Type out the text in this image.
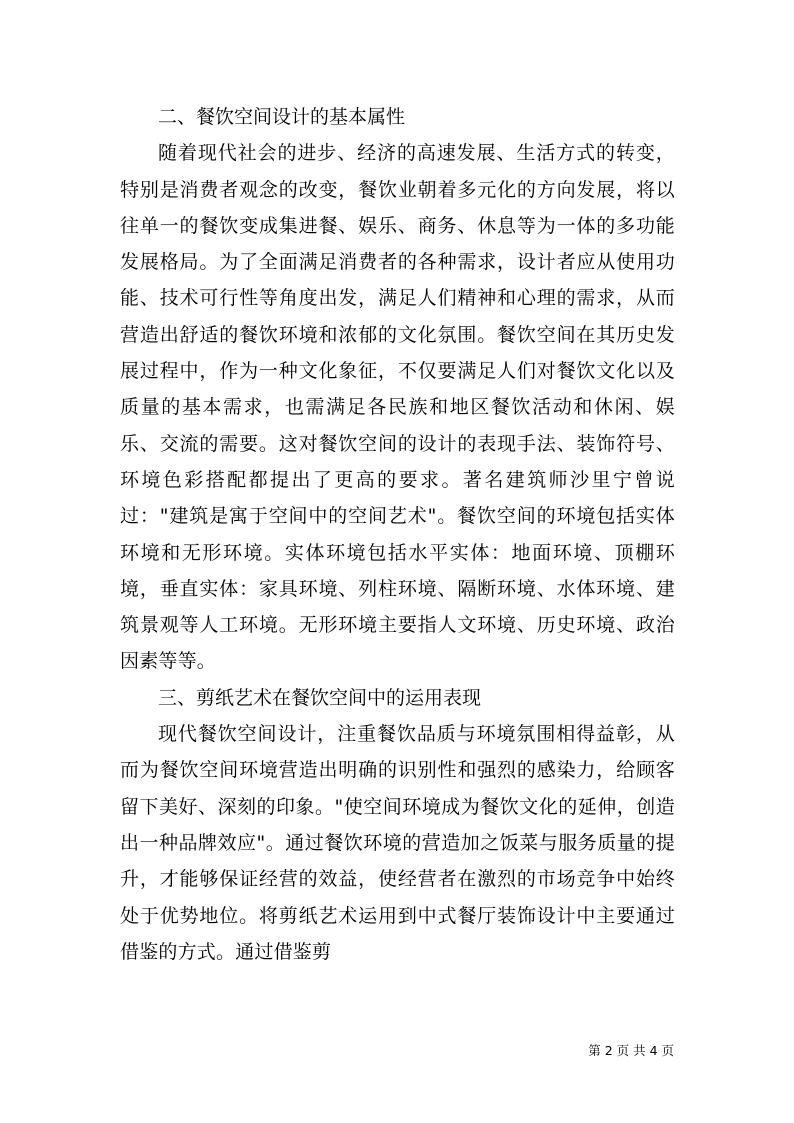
二、餐饮空间设计的基本属性

随着现代社会的进步、经济的高速发展、生活方式的转变，特别是消费者观念的改变，餐饮业朝着多元化的方向发展，将以往单一的餐饮变成集进餐、娱乐、商务、休息等为一体的多功能发展格局。为了全面满足消费者的各种需求，设计者应从使用功能、技术可行性等角度出发，满足人们精神和心理的需求，从而营造出舒适的餐饮环境和浓郁的文化氛围。餐饮空间在其历史发展过程中，作为一种文化象征，不仅要满足人们对餐饮文化以及质量的基本需求，也需满足各民族和地区餐饮活动和休闲、娱乐、交流的需要。这对餐饮空间的设计的表现手法、装饰符号、环境色彩搭配都提出了更高的要求。著名建筑师沙里宁曾说过："建筑是寓于空间中的空间艺术"。餐饮空间的环境包括实体环境和无形环境。实体环境包括水平实体：地面环境、顶棚环境，垂直实体：家具环境、列柱环境、隔断环境、水体环境、建筑景观等人工环境。无形环境主要指人文环境、历史环境、政治因素等等。

三、剪纸艺术在餐饮空间中的运用表现

现代餐饮空间设计，注重餐饮品质与环境氛围相得益彰，从而为餐饮空间环境营造出明确的识别性和强烈的感染力，给顾客留下美好、深刻的印象。"使空间环境成为餐饮文化的延伸，创造出一种品牌效应"。通过餐饮环境的营造加之饭菜与服务质量的提升，才能够保证经营的效益，使经营者在激烈的市场竞争中始终处于优势地位。将剪纸艺术运用到中式餐厅装饰设计中主要通过借鉴的方式。通过借鉴剪

第 2 页 共 4 页
